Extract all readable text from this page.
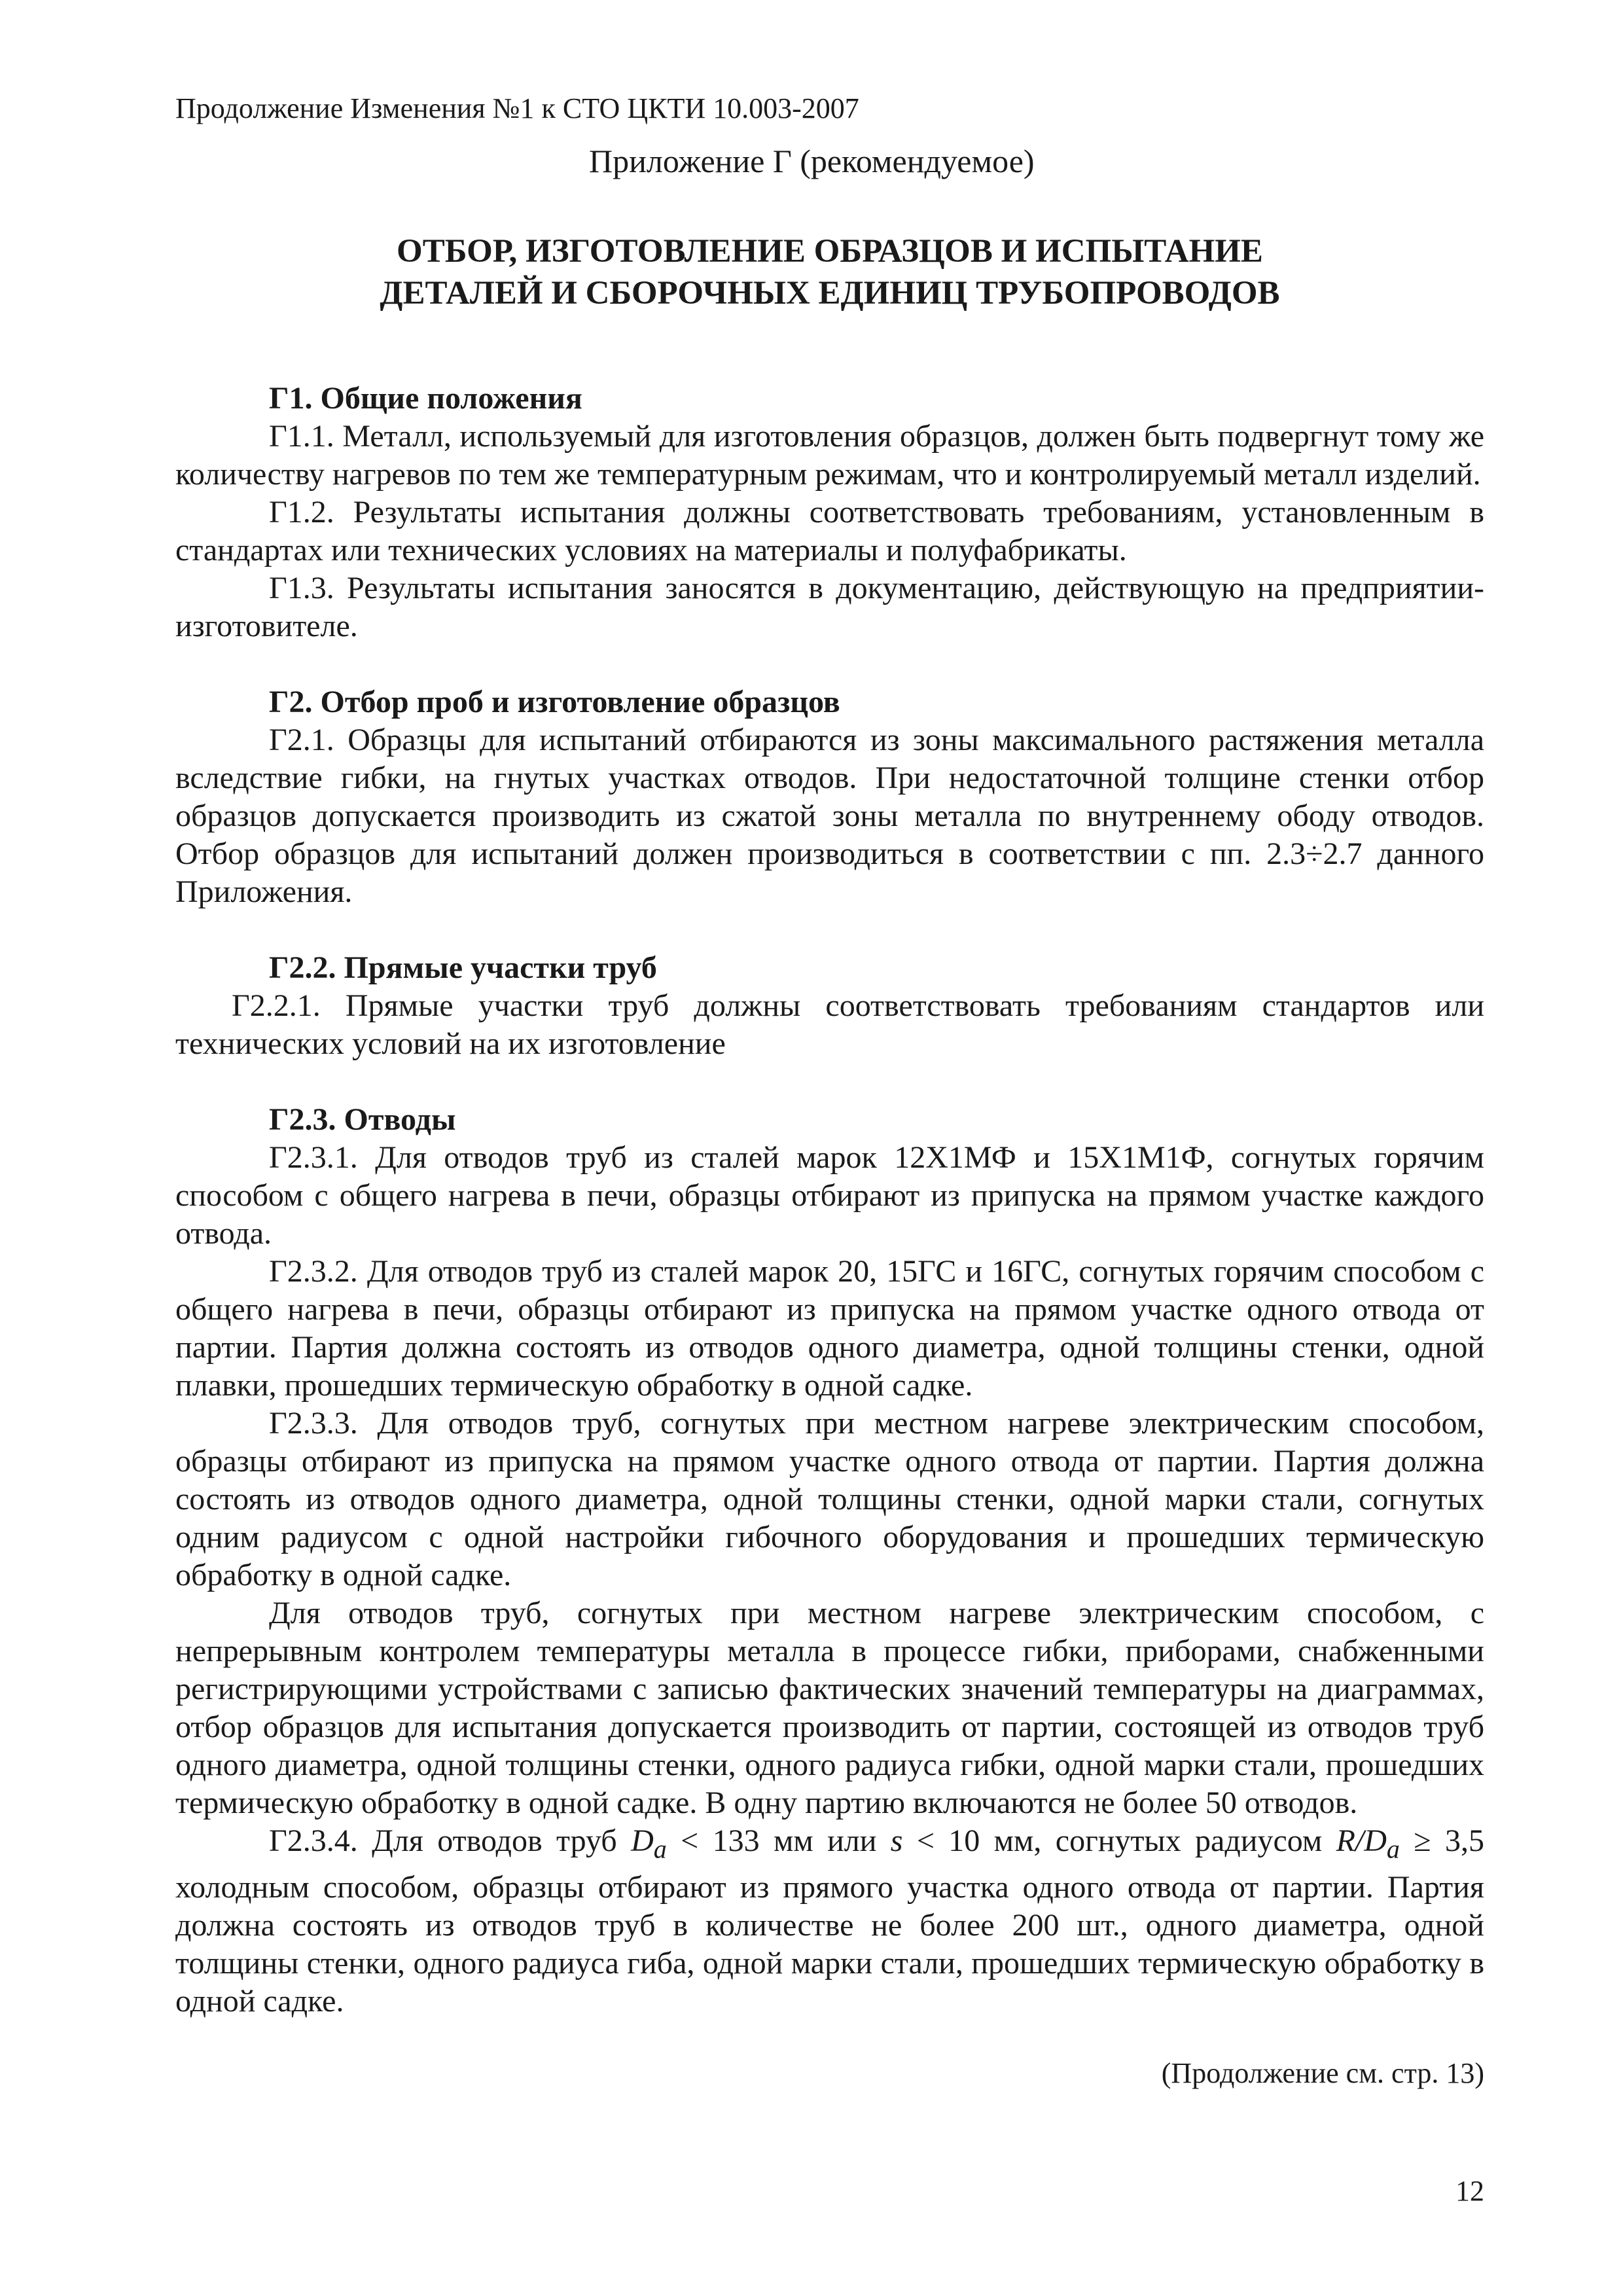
Продолжение Изменения №1 к СТО ЦКТИ 10.003-2007
Приложение Г (рекомендуемое)
ОТБОР, ИЗГОТОВЛЕНИЕ ОБРАЗЦОВ И ИСПЫТАНИЕ
ДЕТАЛЕЙ И СБОРОЧНЫХ ЕДИНИЦ ТРУБОПРОВОДОВ

Г1. Общие положения

Г1.1. Металл, используемый для изготовления образцов, должен быть подвергнут тому же количеству нагревов по тем же температурным режимам, что и контролируемый металл изделий.

Г1.2. Результаты испытания должны соответствовать требованиям, установленным в стандартах или технических условиях на материалы и полуфабрикаты.

Г1.3. Результаты испытания заносятся в документацию, действующую на предприятии-изготовителе.

Г2. Отбор проб и изготовление образцов

Г2.1. Образцы для испытаний отбираются из зоны максимального растяжения металла вследствие гибки, на гнутых участках отводов. При недостаточной толщине стенки отбор образцов допускается производить из сжатой зоны металла по внутреннему ободу отводов. Отбор образцов для испытаний должен производиться в соответствии с пп. 2.3÷2.7 данного Приложения.

Г2.2. Прямые участки труб

Г2.2.1. Прямые участки труб должны соответствовать требованиям стандартов или технических условий на их изготовление

Г2.3. Отводы

Г2.3.1. Для отводов труб из сталей марок 12Х1МФ и 15Х1М1Ф, согнутых горячим способом с общего нагрева в печи, образцы отбирают из припуска на прямом участке каждого отвода.

Г2.3.2. Для отводов труб из сталей марок 20, 15ГС и 16ГС, согнутых горячим способом с общего нагрева в печи, образцы отбирают из припуска на прямом участке одного отвода от партии. Партия должна состоять из отводов одного диаметра, одной толщины стенки, одной плавки, прошедших термическую обработку в одной садке.

Г2.3.3. Для отводов труб, согнутых при местном нагреве электрическим способом, образцы отбирают из припуска на прямом участке одного отвода от партии. Партия должна состоять из отводов одного диаметра, одной толщины стенки, одной марки стали, согнутых одним радиусом с одной настройки гибочного оборудования и прошедших термическую обработку в одной садке.

Для отводов труб, согнутых при местном нагреве электрическим способом, с непрерывным контролем температуры металла в процессе гибки, приборами, снабженными регистрирующими устройствами с записью фактических значений температуры на диаграммах, отбор образцов для испытания допускается производить от партии, состоящей из отводов труб одного диаметра, одной толщины стенки, одного радиуса гибки, одной марки стали, прошедших термическую обработку в одной садке. В одну партию включаются не более 50 отводов.

Г2.3.4. Для отводов труб $D_a < 133$ мм или s < 10 мм, согнутых радиусом $R/D_a \ge 3,5$ холодным способом, образцы отбирают из прямого участка одного отвода от партии. Партия должна состоять из отводов труб в количестве не более 200 шт., одного диаметра, одной толщины стенки, одного радиуса гиба, одной марки стали, прошедших термическую обработку в одной садке.

(Продолжение см. стр. 13)
12
